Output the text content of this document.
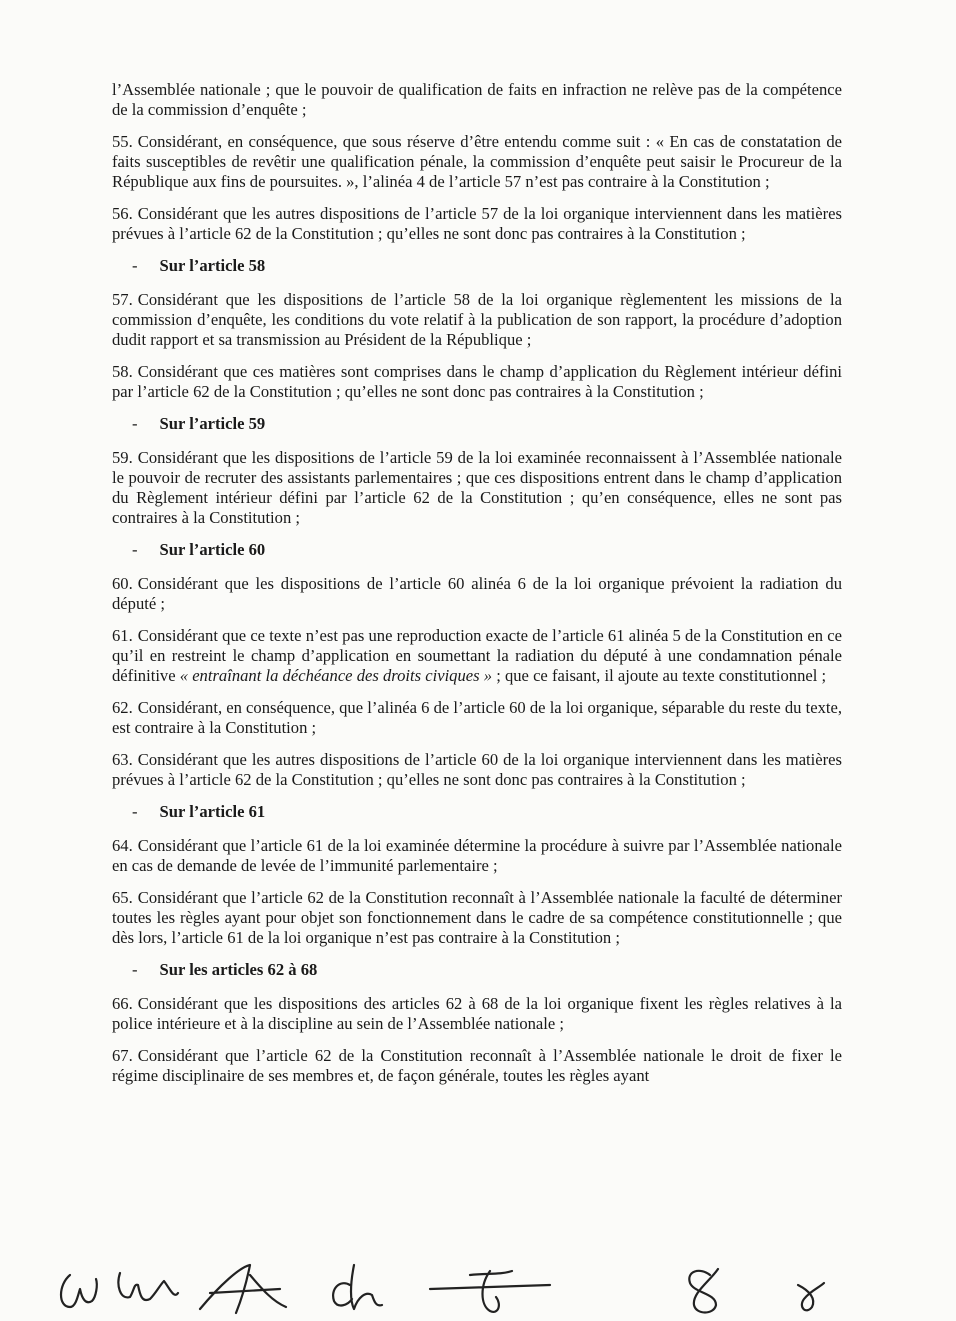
l’Assemblée nationale ; que le pouvoir de qualification de faits en infraction ne relève pas de la compétence de la commission d’enquête ;

55. Considérant, en conséquence, que sous réserve d’être entendu comme suit : « En cas de constatation de faits susceptibles de revêtir une qualification pénale, la commission d’enquête peut saisir le Procureur de la République aux fins de poursuites. », l’alinéa 4 de l’article 57 n’est pas contraire à la Constitution ;

56. Considérant que les autres dispositions de l’article 57 de la loi organique interviennent dans les matières prévues à l’article 62 de la Constitution ; qu’elles ne sont donc pas contraires à la Constitution ;

- Sur l’article 58

57. Considérant que les dispositions de l’article 58 de la loi organique règlementent les missions de la commission d’enquête, les conditions du vote relatif à la publication de son rapport, la procédure d’adoption dudit rapport et sa transmission au Président de la République ;

58. Considérant que ces matières sont comprises dans le champ d’application du Règlement intérieur défini par l’article 62 de la Constitution ; qu’elles ne sont donc pas contraires à la Constitution ;

- Sur l’article 59

59. Considérant que les dispositions de l’article 59 de la loi examinée reconnaissent à l’Assemblée nationale le pouvoir de recruter des assistants parlementaires ; que ces dispositions entrent dans le champ d’application du Règlement intérieur défini par l’article 62 de la Constitution ; qu’en conséquence, elles ne sont pas contraires à la Constitution ;

- Sur l’article 60

60. Considérant que les dispositions de l’article 60 alinéa 6 de la loi organique prévoient la radiation du député ;

61. Considérant que ce texte n’est pas une reproduction exacte de l’article 61 alinéa 5 de la Constitution en ce qu’il en restreint le champ d’application en soumettant la radiation du député à une condamnation pénale définitive « entraînant la déchéance des droits civiques » ; que ce faisant, il ajoute au texte constitutionnel ;

62. Considérant, en conséquence, que l’alinéa 6 de l’article 60 de la loi organique, séparable du reste du texte, est contraire à la Constitution ;

63. Considérant que les autres dispositions de l’article 60 de la loi organique interviennent dans les matières prévues à l’article 62 de la Constitution ; qu’elles ne sont donc pas contraires à la Constitution ;

- Sur l’article 61

64. Considérant que l’article 61 de la loi examinée détermine la procédure à suivre par l’Assemblée nationale en cas de demande de levée de l’immunité parlementaire ;

65. Considérant que l’article 62 de la Constitution reconnaît à l’Assemblée nationale la faculté de déterminer toutes les règles ayant pour objet son fonctionnement dans le cadre de sa compétence constitutionnelle ; que dès lors, l’article 61 de la loi organique n’est pas contraire à la Constitution ;

- Sur les articles 62 à 68

66. Considérant que les dispositions des articles 62 à 68 de la loi organique fixent les règles relatives à la police intérieure et à la discipline au sein de l’Assemblée nationale ;

67. Considérant que l’article 62 de la Constitution reconnaît à l’Assemblée nationale le droit de fixer le régime disciplinaire de ses membres et, de façon générale, toutes les règles ayant
